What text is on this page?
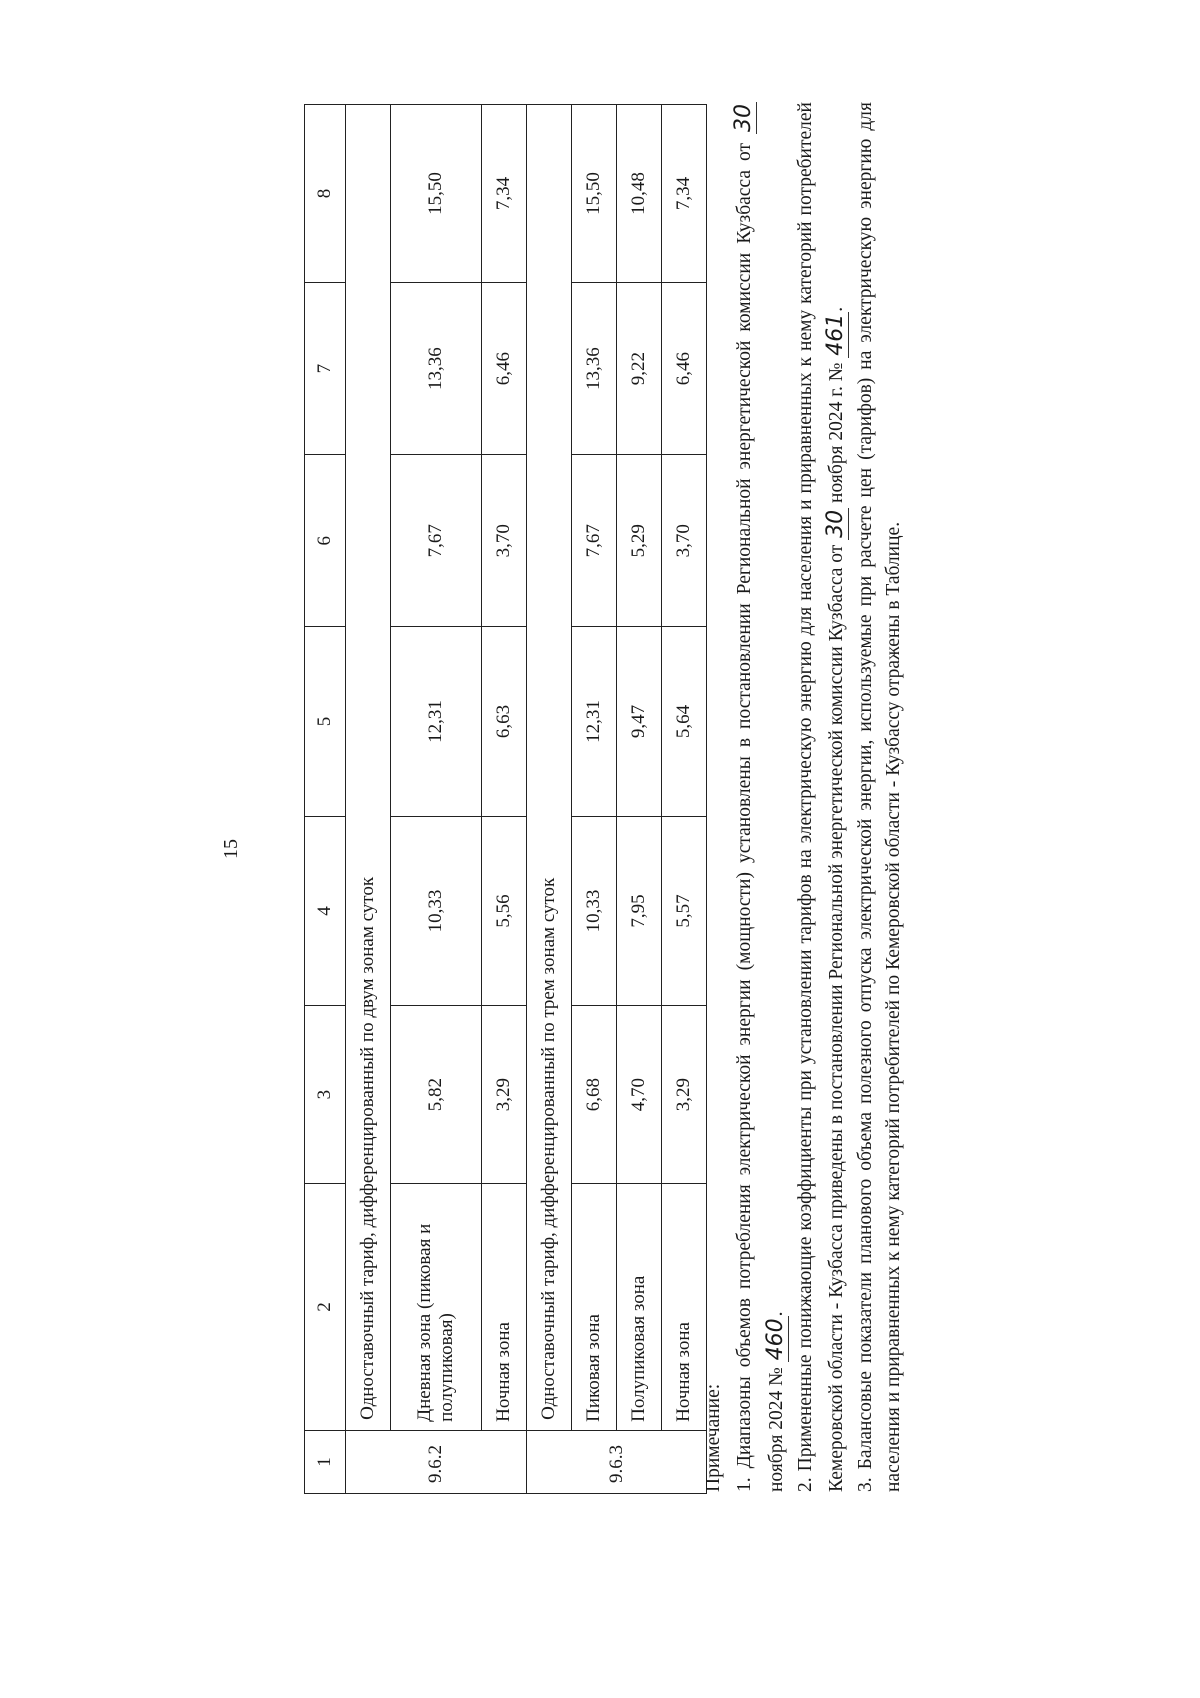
15
1	2	3	4	5	6	7	8
9.6.2	Одноставочный тариф, дифференцированный по двум зонам суток						
	Дневная зона (пиковая и полупиковая)	5,82	10,33	12,31	7,67	13,36	15,50
	Ночная зона	3,29	5,56	6,63	3,70	6,46	7,34
9.6.3	Одноставочный тариф, дифференцированный по трем зонам суток						
	Пиковая зона	6,68	10,33	12,31	7,67	13,36	15,50
	Полупиковая зона	4,70	7,95	9,47	5,29	9,22	10,48
	Ночная зона	3,29	5,57	5,64	3,70	6,46	7,34

Примечание: 1. Диапазоны объемов потребления электрической энергии (мощности) установлены в постановлении Региональной энергетической комиссии Кузбасса от 30 ноября 2024 № 460. 2. Примененные понижающие коэффициенты при установлении тарифов на электрическую энергию для населения и приравненных к нему категорий потребителей Кемеровской области - Кузбасса приведены в постановлении Региональной энергетической комиссии Кузбасса от 30 ноября 2024 г. № 461. 3. Балансовые показатели планового объема полезного отпуска электрической энергии, используемые при расчете цен (тарифов) на электрическую энергию для населения и приравненных к нему категорий потребителей по Кемеровской области - Кузбассу отражены в Таблице.
